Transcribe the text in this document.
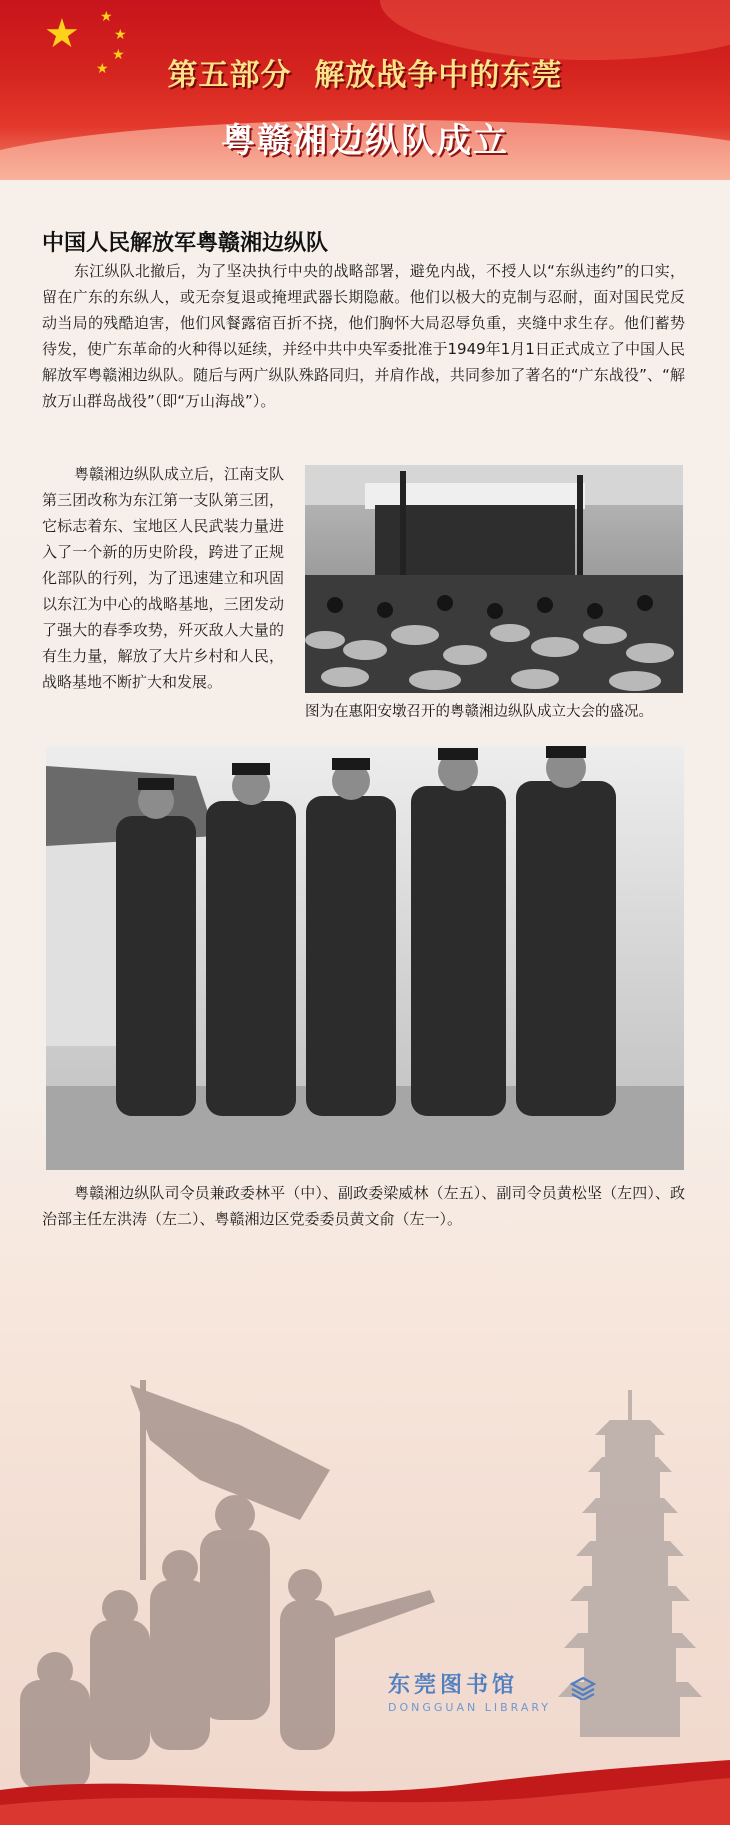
★ ★
★
★
★	第五部分  解放战争中的东莞
粤赣湘边纵队成立
中国人民解放军粤赣湘边纵队
东江纵队北撤后，为了坚决执行中央的战略部署，避免内战，不授人以“东纵违约”的口实，留在广东的东纵人，或无奈复退或掩埋武器长期隐蔽。他们以极大的克制与忍耐，面对国民党反动当局的残酷迫害，他们风餐露宿百折不挠，他们胸怀大局忍辱负重，夹缝中求生存。他们蓄势待发，使广东革命的火种得以延续，并经中共中央军委批准于1949年1月1日正式成立了中国人民解放军粤赣湘边纵队。随后与两广纵队殊路同归，并肩作战，共同参加了著名的“广东战役”、“解放万山群岛战役”（即“万山海战”）。
粤赣湘边纵队成立后，江南支队第三团改称为东江第一支队第三团，它标志着东、宝地区人民武装力量进入了一个新的历史阶段，跨进了正规化部队的行列，为了迅速建立和巩固以东江为中心的战略基地，三团发动了强大的春季攻势，歼灭敌人大量的有生力量，解放了大片乡村和人民，战略基地不断扩大和发展。
图为在惠阳安墩召开的粤赣湘边纵队成立大会的盛况。
粤赣湘边纵队司令员兼政委林平（中）、副政委梁威林（左五）、副司令员黄松坚（左四）、政治部主任左洪涛（左二）、粤赣湘边区党委委员黄文俞（左一）。
东莞图书馆
DONGGUAN LIBRARY
